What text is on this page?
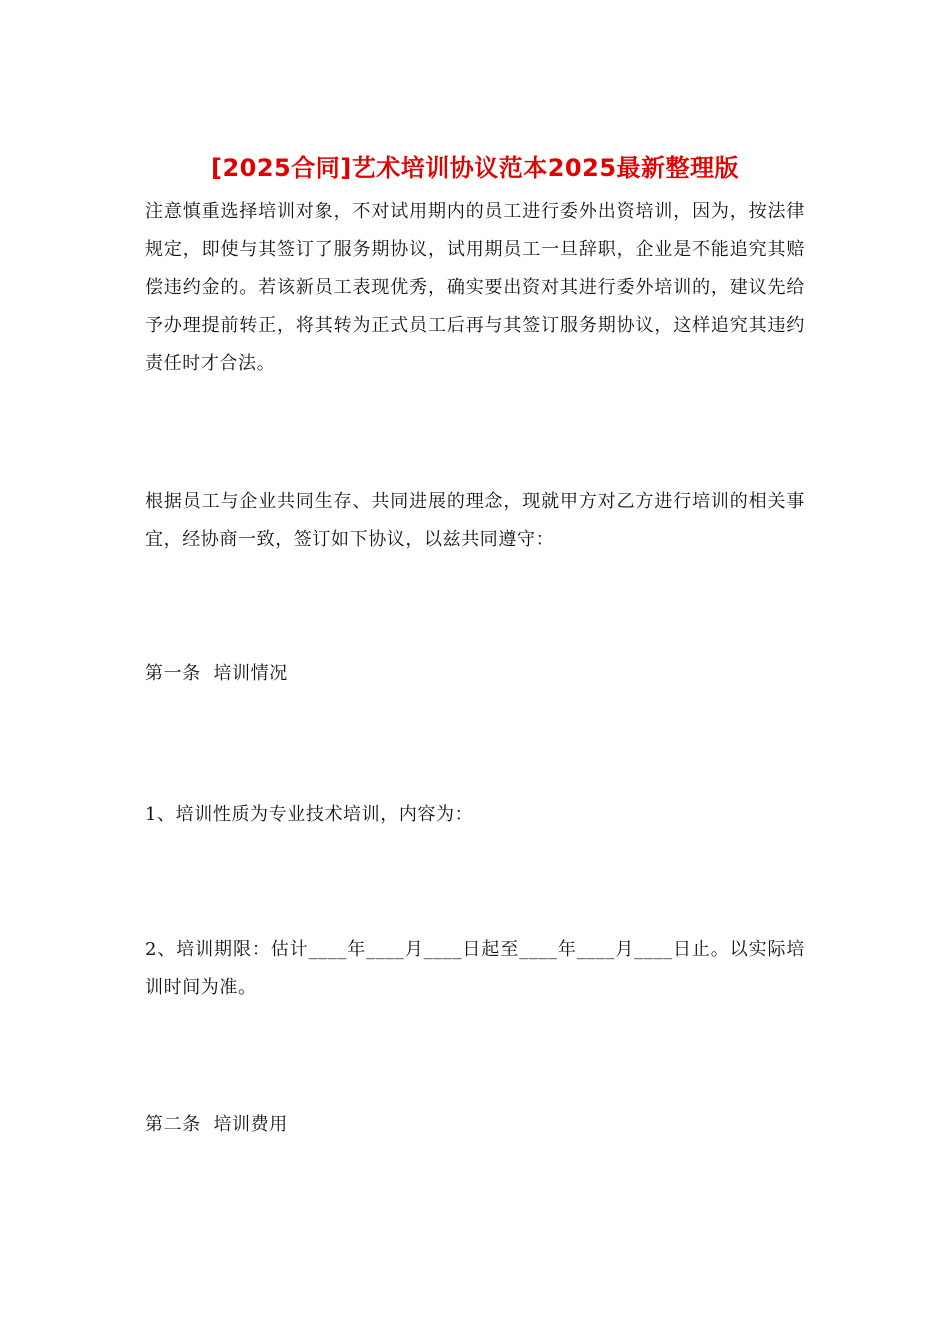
[2025合同]艺术培训协议范本2025最新整理版

注意慎重选择培训对象，不对试用期内的员工进行委外出资培训，因为，按法律规定，即使与其签订了服务期协议，试用期员工一旦辞职，企业是不能追究其赔偿违约金的。若该新员工表现优秀，确实要出资对其进行委外培训的，建议先给予办理提前转正，将其转为正式员工后再与其签订服务期协议，这样追究其违约责任时才合法。

根据员工与企业共同生存、共同进展的理念，现就甲方对乙方进行培训的相关事宜，经协商一致，签订如下协议，以兹共同遵守：

第一条  培训情况

1、培训性质为专业技术培训，内容为：

2、培训期限：估计____年____月____日起至____年____月____日止。以实际培训时间为准。

第二条  培训费用
